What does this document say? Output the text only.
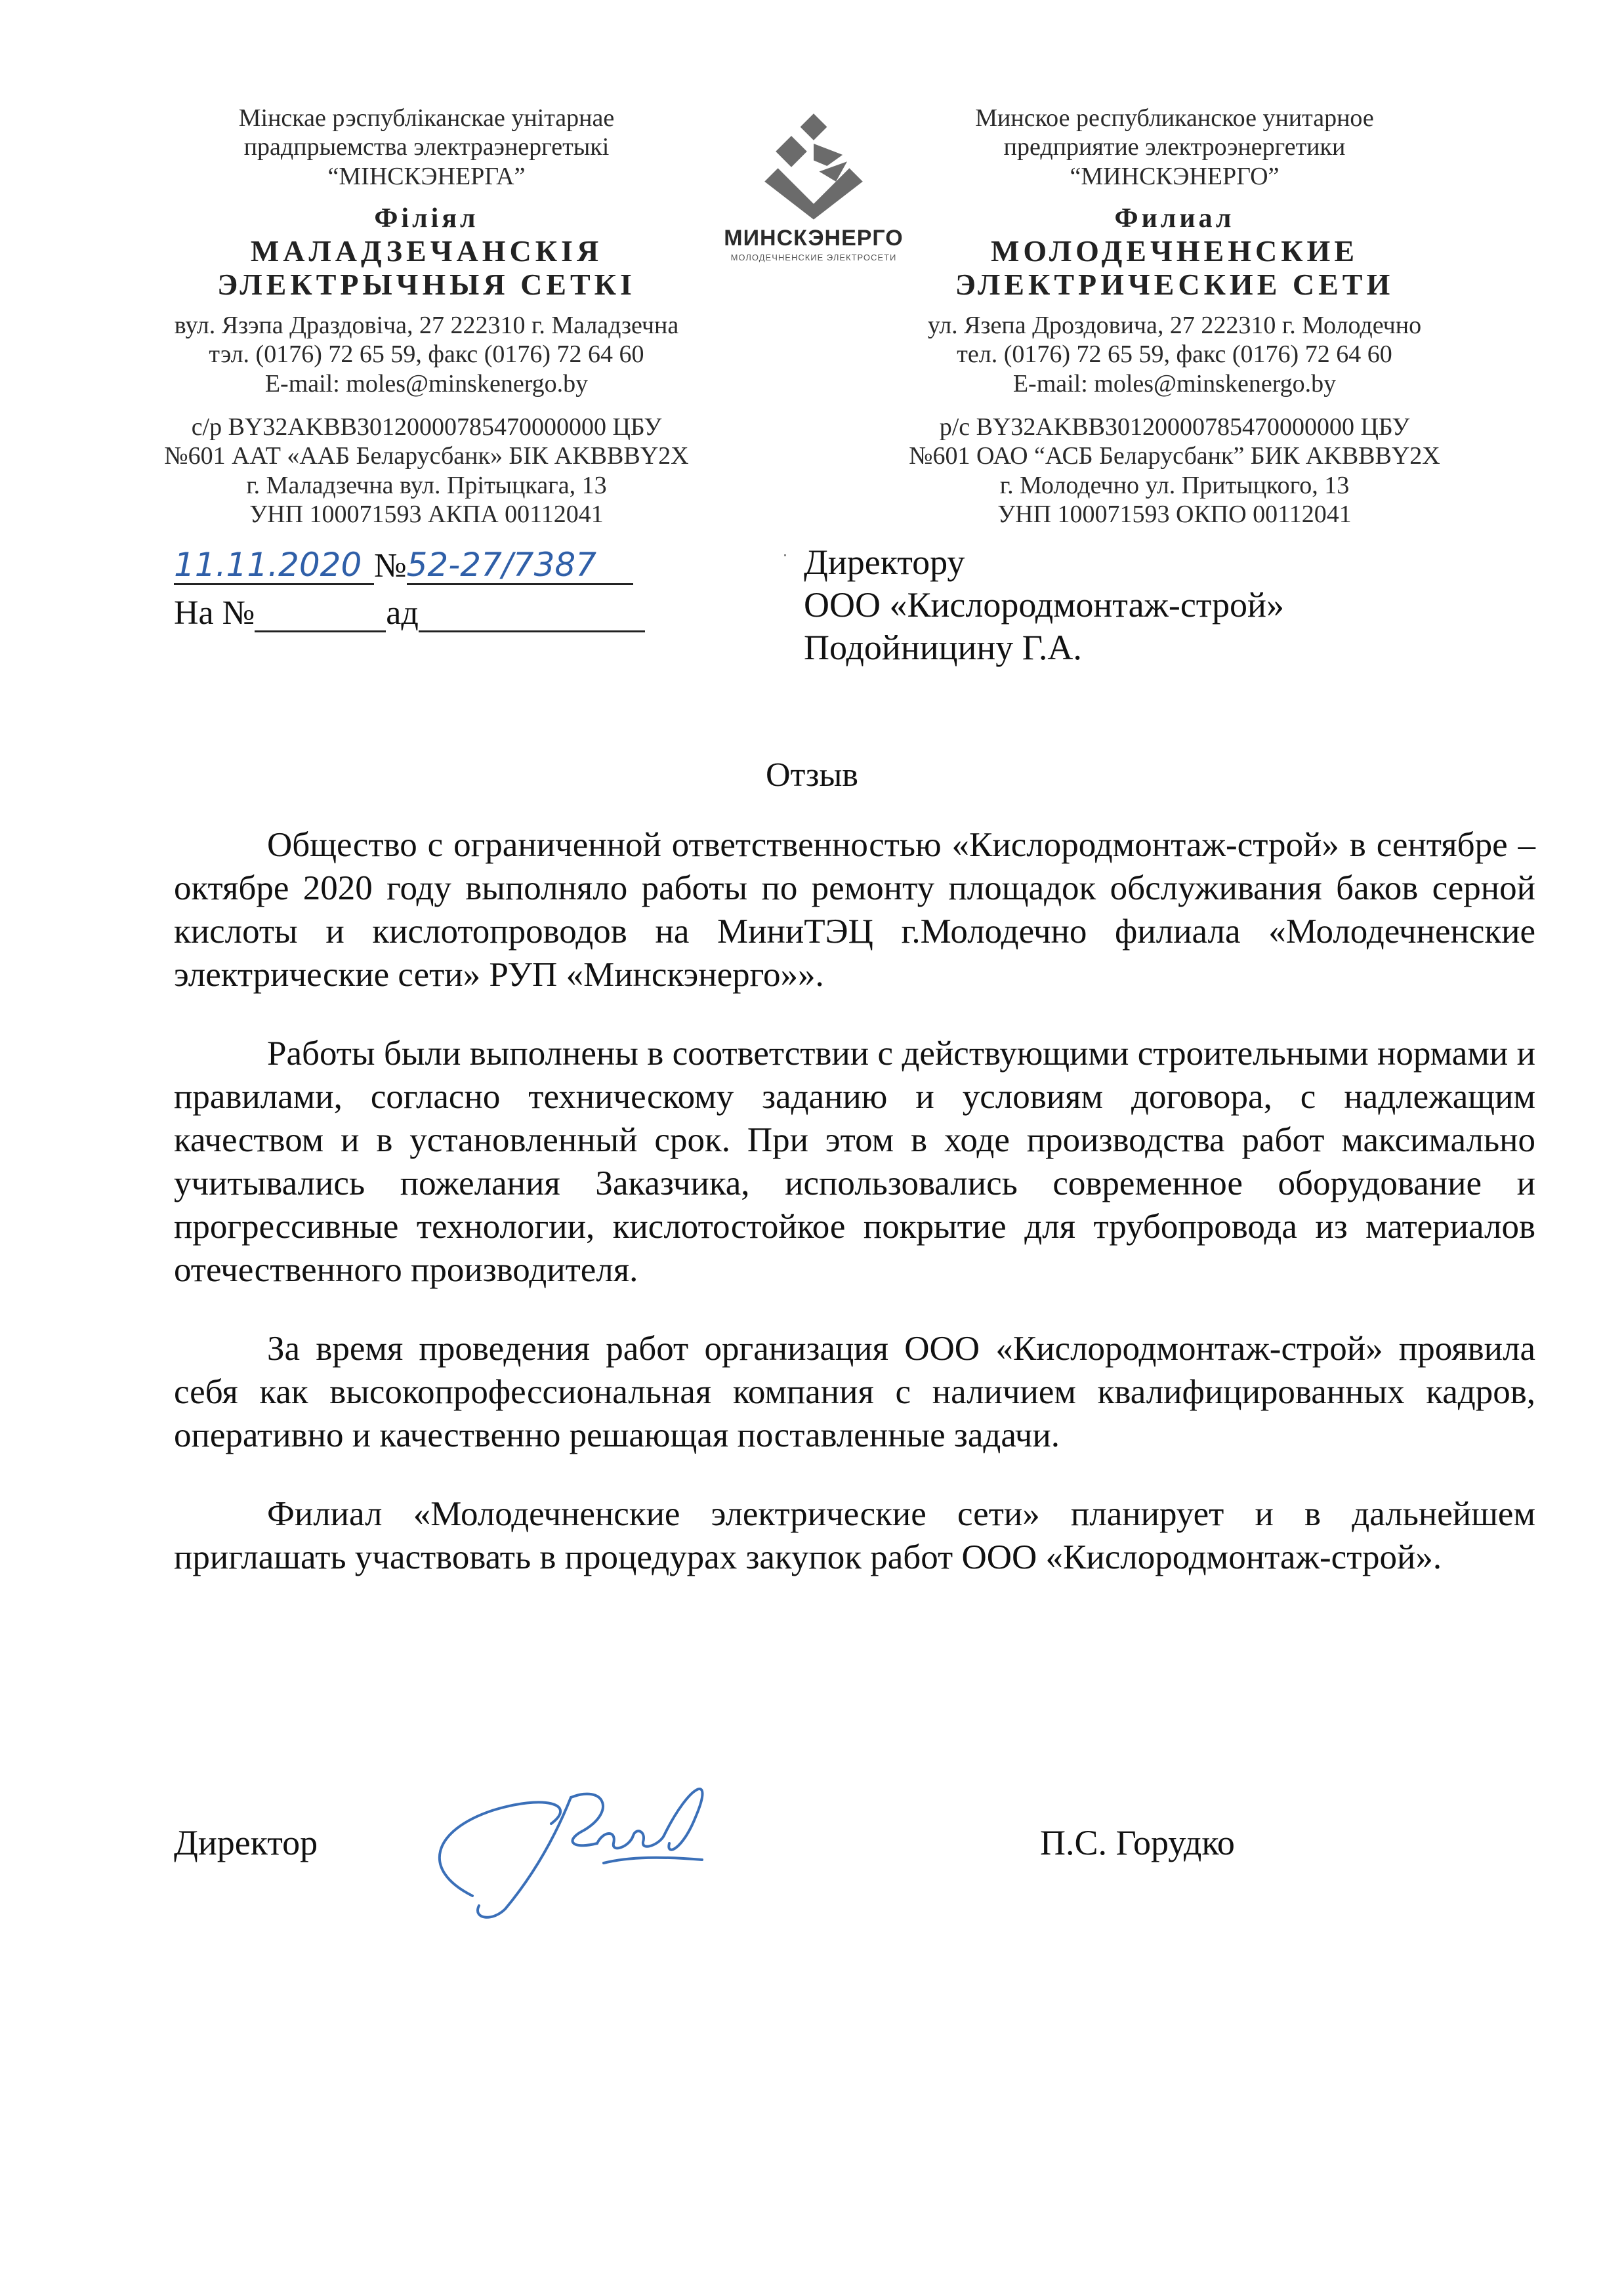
Мінскае рэспубліканскае унітарнае
прадпрыемства электраэнергетыкі
“МІНСКЭНЕРГА”
Філіял
МАЛАДЗЕЧАНСКІЯ
ЭЛЕКТРЫЧНЫЯ СЕТКІ
вул. Язэпа Драздовіча, 27 222310 г. Маладзечна
тэл. (0176) 72 65 59, факс (0176) 72 64 60
E-mail: moles@minskenergo.by
с/р BY32AKBB30120000785470000000 ЦБУ
№601 ААТ «ААБ Беларусбанк» БІК AKBBBY2X
г. Маладзечна вул. Прітыцкага, 13
УНП 100071593 АКПА 00112041
МИНСКЭНЕРГО
МОЛОДЕЧНЕНСКИЕ ЭЛЕКТРОСЕТИ
Минское республиканское унитарное
предприятие электроэнергетики
“МИНСКЭНЕРГО”
Филиал
МОЛОДЕЧНЕНСКИЕ
ЭЛЕКТРИЧЕСКИЕ СЕТИ
ул. Язепа Дроздовича, 27 222310 г. Молодечно
тел. (0176) 72 65 59, факс (0176) 72 64 60
E-mail: moles@minskenergo.by
р/с BY32AKBB30120000785470000000 ЦБУ
№601 ОАО “АСБ Беларусбанк” БИК AKBBBY2X
г. Молодечно ул. Притыцкого, 13
УНП 100071593 ОКПО 00112041
11.11.2020 № 52-27/7387
На №	ад
Директору
ООО «Кислородмонтаж-строй»
Подойницину Г.А.
Отзыв

Общество с ограниченной ответственностью «Кислородмонтаж-строй» в сентябре – октябре 2020 году выполняло работы по ремонту площадок обслуживания баков серной кислоты и кислотопроводов на МиниТЭЦ г.Молодечно филиала «Молодечненские электрические сети» РУП «Минскэнерго»».

Работы были выполнены в соответствии с действующими строительными нормами и правилами, согласно техническому заданию и условиям договора, с надлежащим качеством и в установленный срок. При этом в ходе производства работ максимально учитывались пожелания Заказчика, использовались современное оборудование и прогрессивные технологии, кислотостойкое покрытие для трубопровода из материалов отечественного производителя.

За время проведения работ организация ООО «Кислородмонтаж-строй» проявила себя как высокопрофессиональная компания с наличием квалифицированных кадров, оперативно и качественно решающая поставленные задачи.

Филиал «Молодечненские электрические сети» планирует и в дальнейшем приглашать участвовать в процедурах закупок работ ООО «Кислородмонтаж-строй».

Директор	П.С. Горудко
